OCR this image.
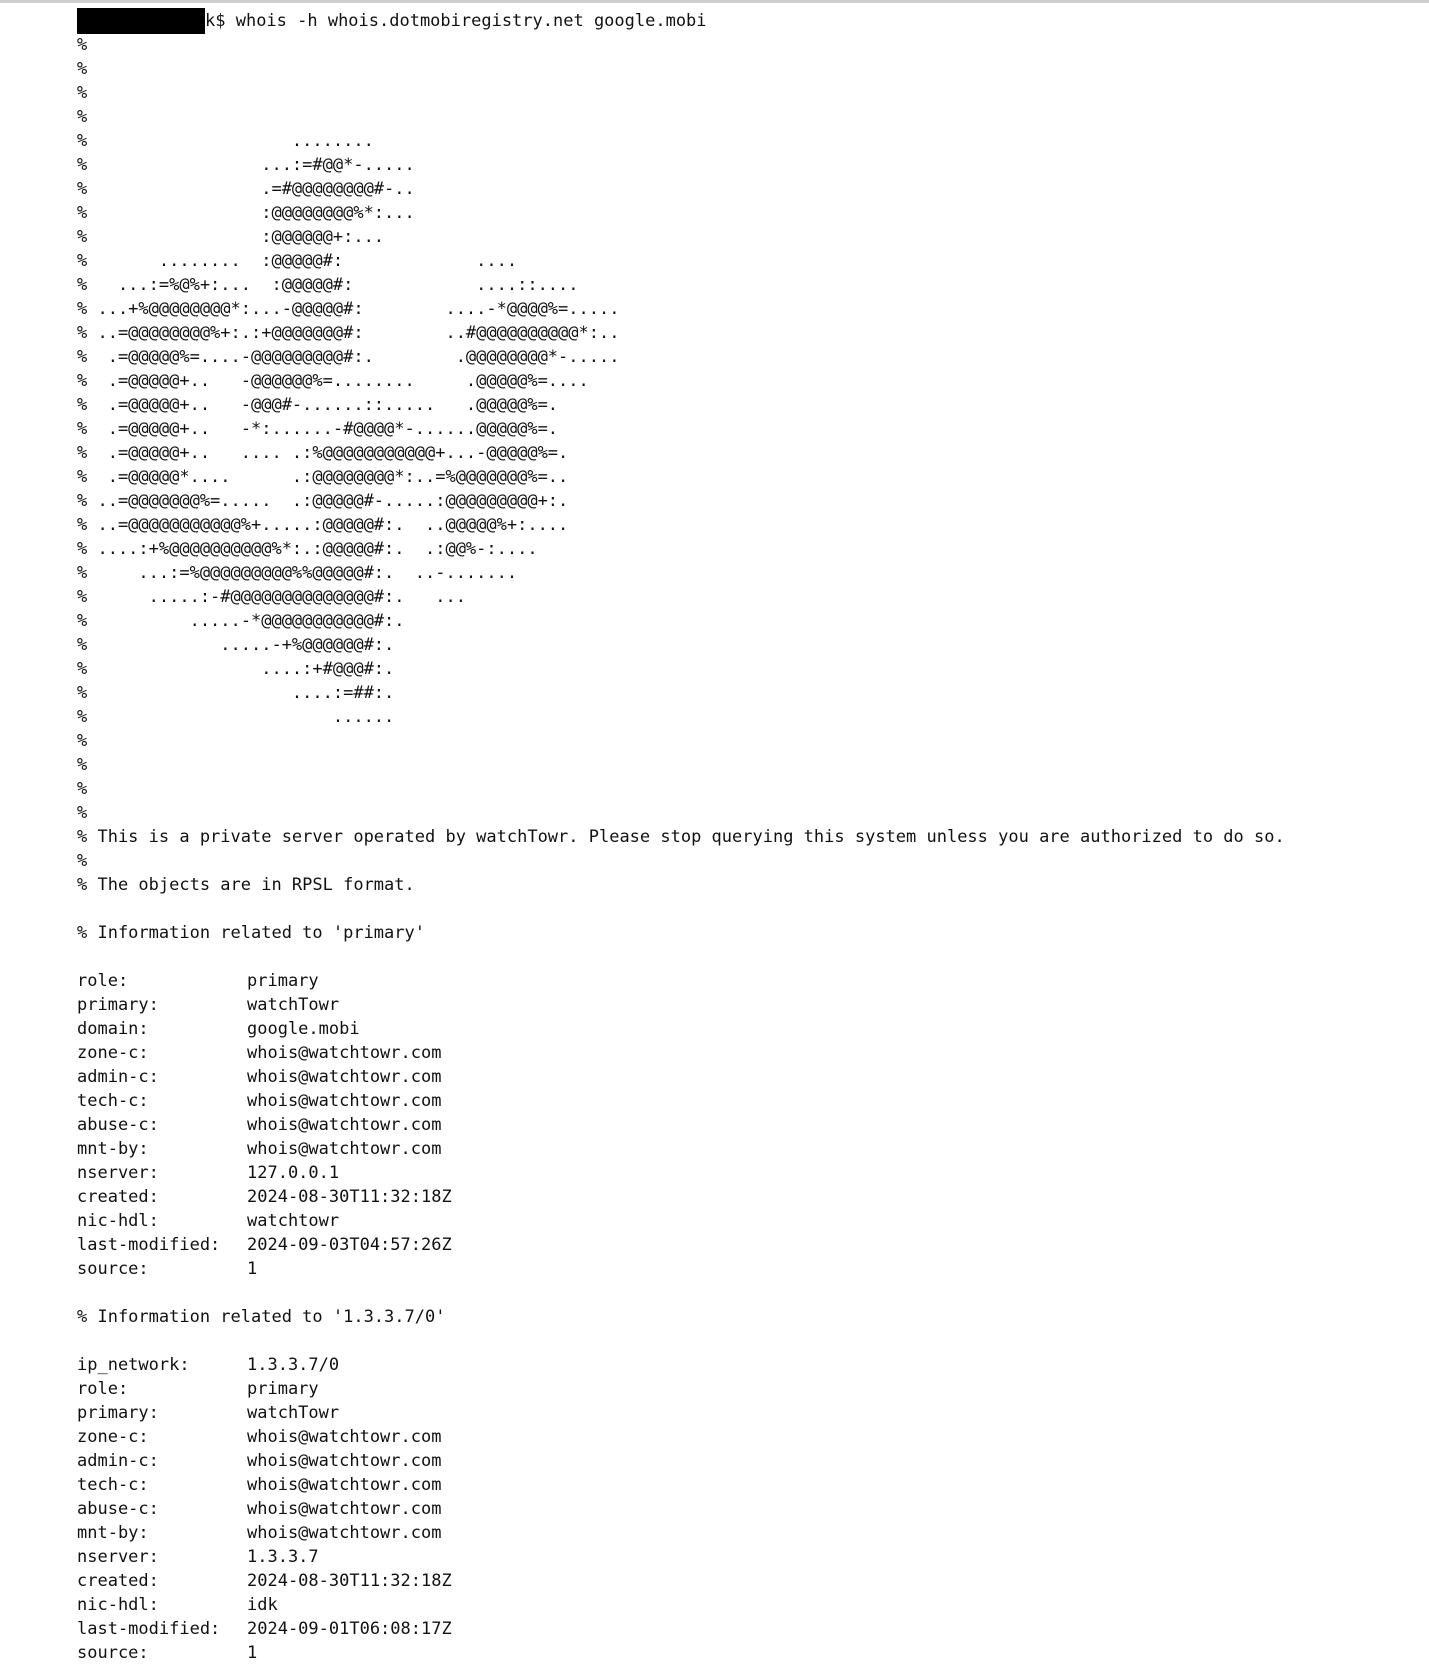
k$ whois -h whois.dotmobiregistry.net google.mobi
%
%
%
%
%                    ........
%                 ...:=#@@*-.....
%                 .=#@@@@@@@@#-..
%                 :@@@@@@@@%*:...
%                 :@@@@@@+:...
%       ........  :@@@@@#:             ....
%   ...:=%@%+:...  :@@@@@#:            ....::....
% ...+%@@@@@@@@*:...-@@@@@#:        ....-*@@@@%=.....
% ..=@@@@@@@@%+:.:+@@@@@@@#:        ..#@@@@@@@@@@*:..
%  .=@@@@@%=....-@@@@@@@@@#:.        .@@@@@@@@*-.....
%  .=@@@@@+..   -@@@@@@%=........     .@@@@@%=....
%  .=@@@@@+..   -@@@#-......::.....   .@@@@@%=.
%  .=@@@@@+..   -*:......-#@@@@*-......@@@@@%=.
%  .=@@@@@+..   .... .:%@@@@@@@@@@@+...-@@@@@%=.
%  .=@@@@@*....      .:@@@@@@@@*:..=%@@@@@@@%=..
% ..=@@@@@@@%=.....  .:@@@@@#-.....:@@@@@@@@@+:.
% ..=@@@@@@@@@@@%+.....:@@@@@#:.  ..@@@@@%+:....
% ....:+%@@@@@@@@@@%*:.:@@@@@#:.  .:@@%-:....
%     ...:=%@@@@@@@@@%%@@@@@#:.  ..-.......
%      .....:-#@@@@@@@@@@@@@@#:.   ...
%          .....-*@@@@@@@@@@@#:.
%             .....-+%@@@@@@#:.
%                 ....:+#@@@#:.
%                    ....:=##:.
%                        ......
%
%
%
%
% This is a private server operated by watchTowr. Please stop querying this system unless you are authorized to do so.
%
% The objects are in RPSL format.
% Information related to 'primary'
role:	primary
primary:	watchTowr
domain:	google.mobi
zone-c:	whois@watchtowr.com
admin-c:	whois@watchtowr.com
tech-c:	whois@watchtowr.com
abuse-c:	whois@watchtowr.com
mnt-by:	whois@watchtowr.com
nserver:	127.0.0.1
created:	2024-08-30T11:32:18Z
nic-hdl:	watchtowr
last-modified:	2024-09-03T04:57:26Z
source:	1
% Information related to '1.3.3.7/0'
ip_network:	1.3.3.7/0
role:	primary
primary:	watchTowr
zone-c:	whois@watchtowr.com
admin-c:	whois@watchtowr.com
tech-c:	whois@watchtowr.com
abuse-c:	whois@watchtowr.com
mnt-by:	whois@watchtowr.com
nserver:	1.3.3.7
created:	2024-08-30T11:32:18Z
nic-hdl:	idk
last-modified:	2024-09-01T06:08:17Z
source:	1
